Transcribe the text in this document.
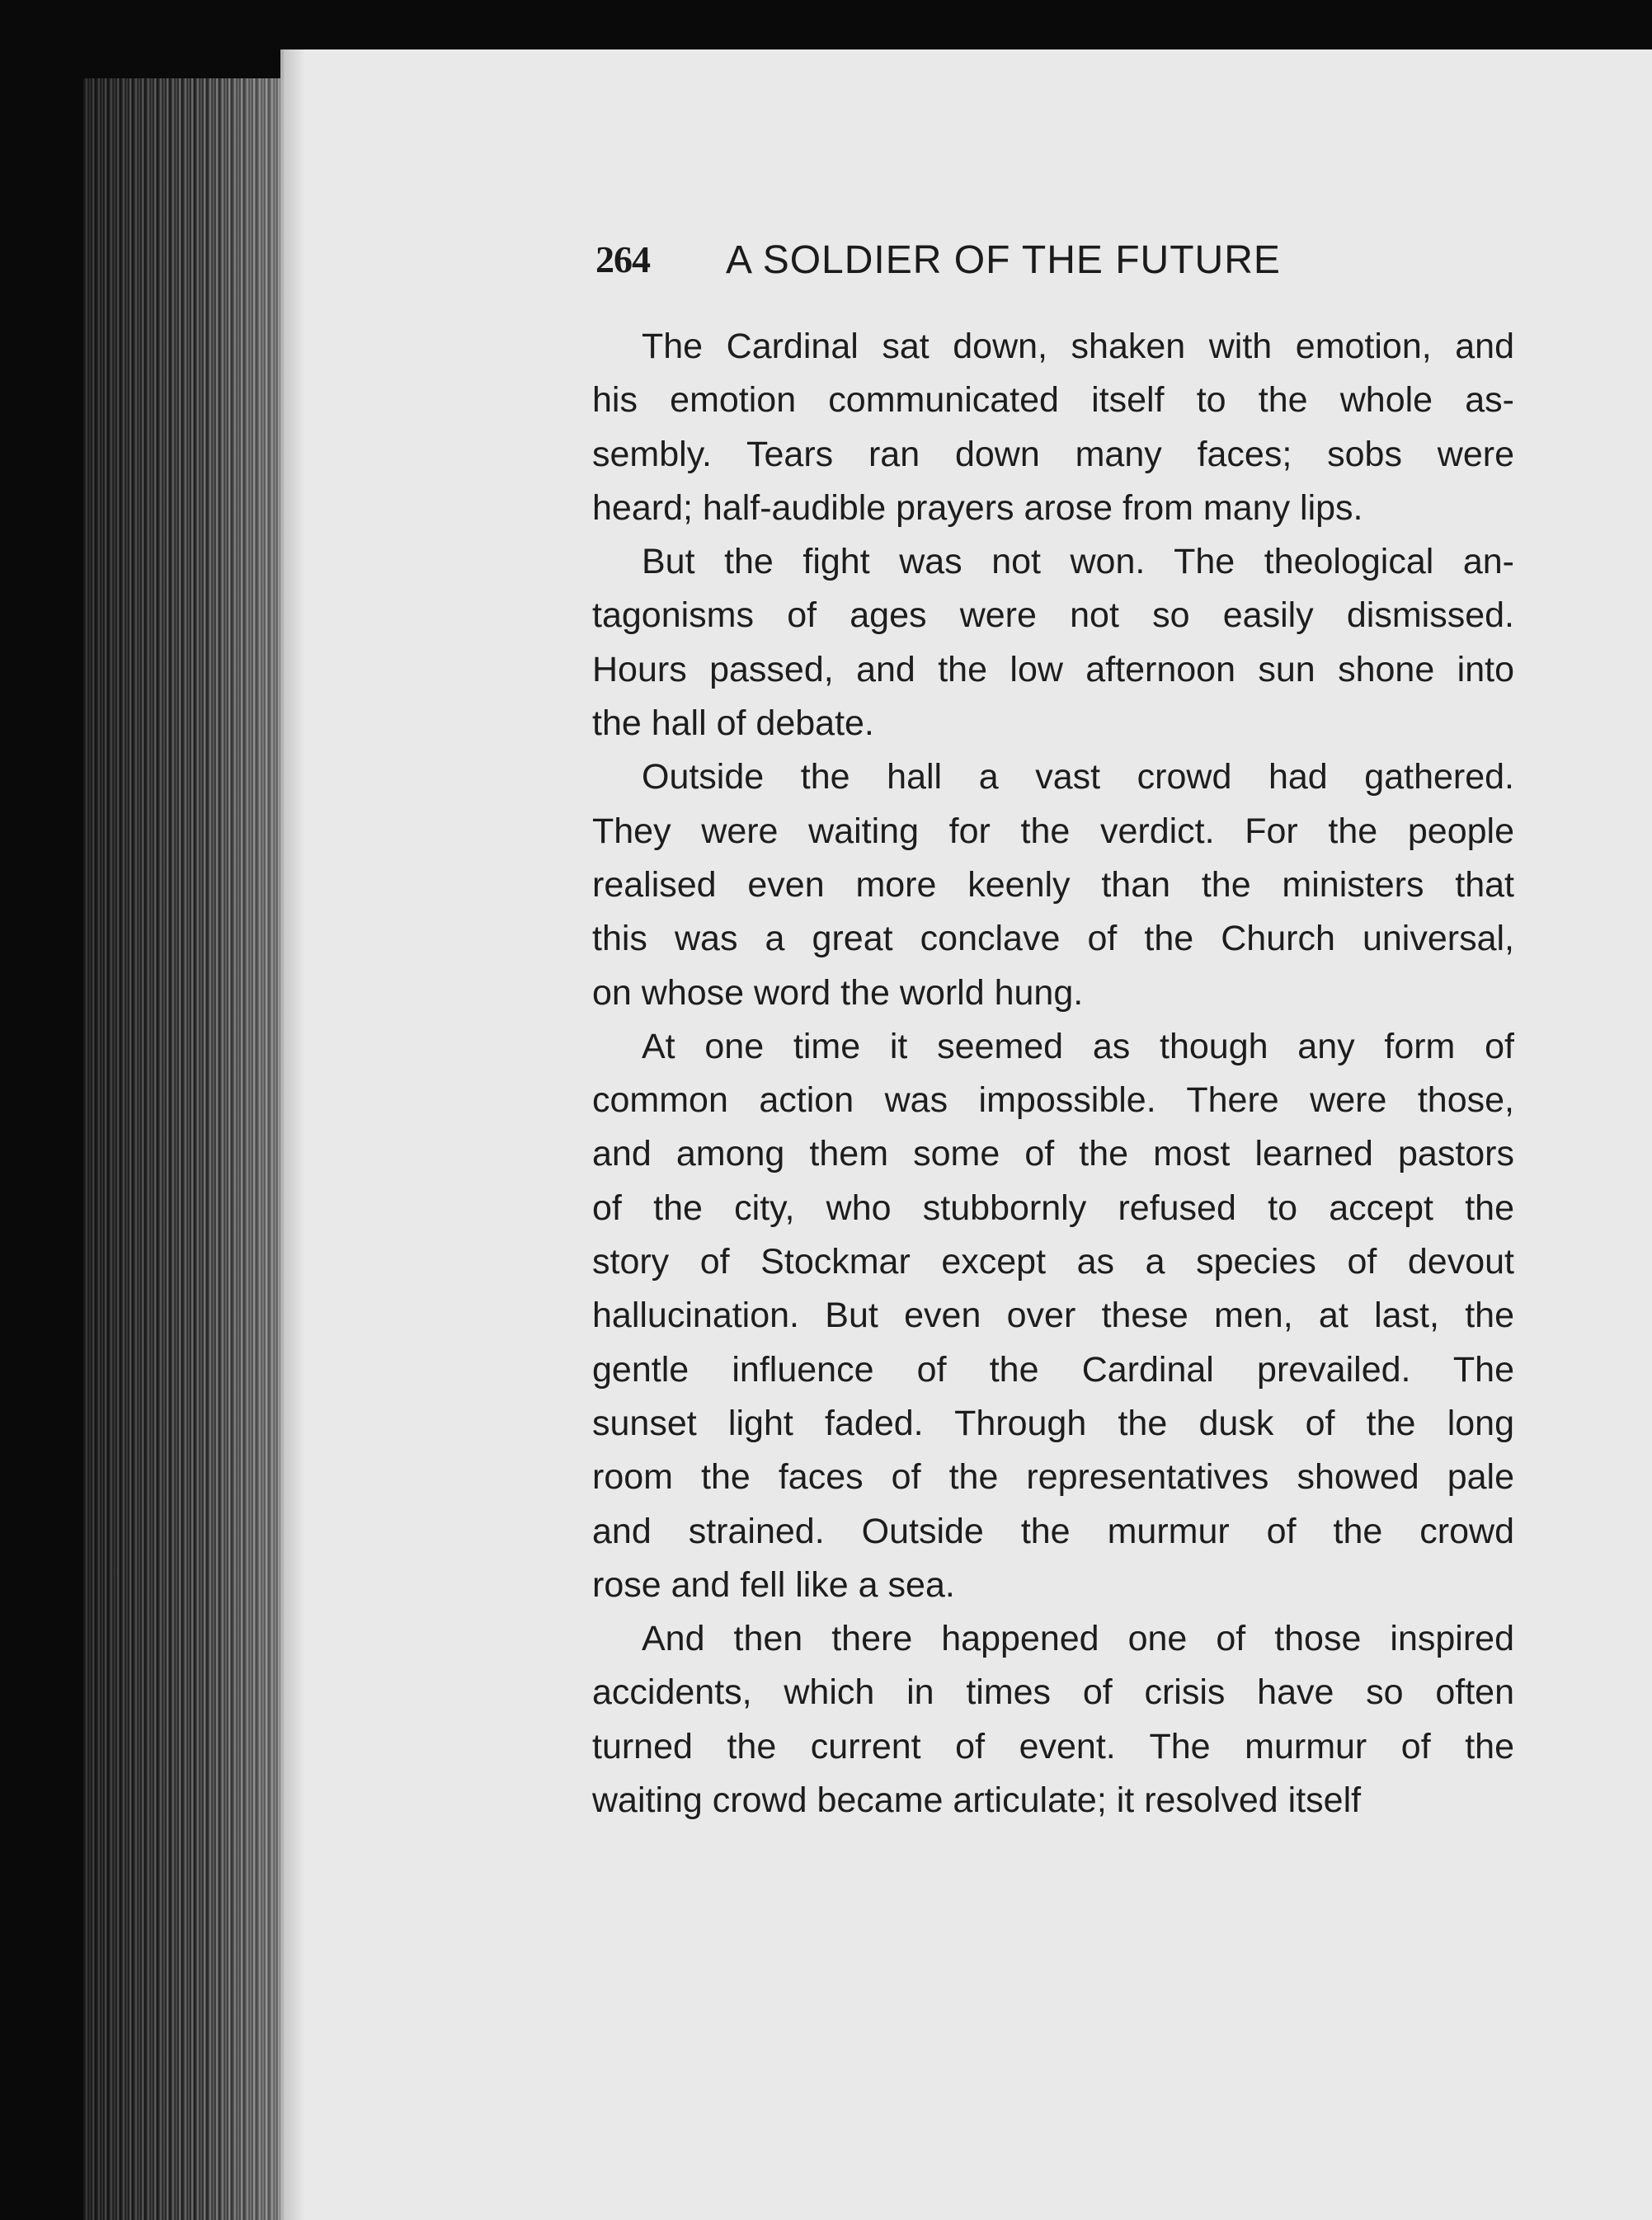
264 A SOLDIER OF THE FUTURE
The Cardinal sat down, shaken with emotion, and
his emotion communicated itself to the whole as-
sembly. Tears ran down many faces; sobs were
heard; half-audible prayers arose from many lips.
But the fight was not won. The theological an-
tagonisms of ages were not so easily dismissed.
Hours passed, and the low afternoon sun shone into
the hall of debate.
Outside the hall a vast crowd had gathered.
They were waiting for the verdict. For the people
realised even more keenly than the ministers that
this was a great conclave of the Church universal,
on whose word the world hung.
At one time it seemed as though any form of
common action was impossible. There were those,
and among them some of the most learned pastors
of the city, who stubbornly refused to accept the
story of Stockmar except as a species of devout
hallucination. But even over these men, at last, the
gentle influence of the Cardinal prevailed. The
sunset light faded. Through the dusk of the long
room the faces of the representatives showed pale
and strained. Outside the murmur of the crowd
rose and fell like a sea.
And then there happened one of those inspired
accidents, which in times of crisis have so often
turned the current of event. The murmur of the
waiting crowd became articulate; it resolved itself
